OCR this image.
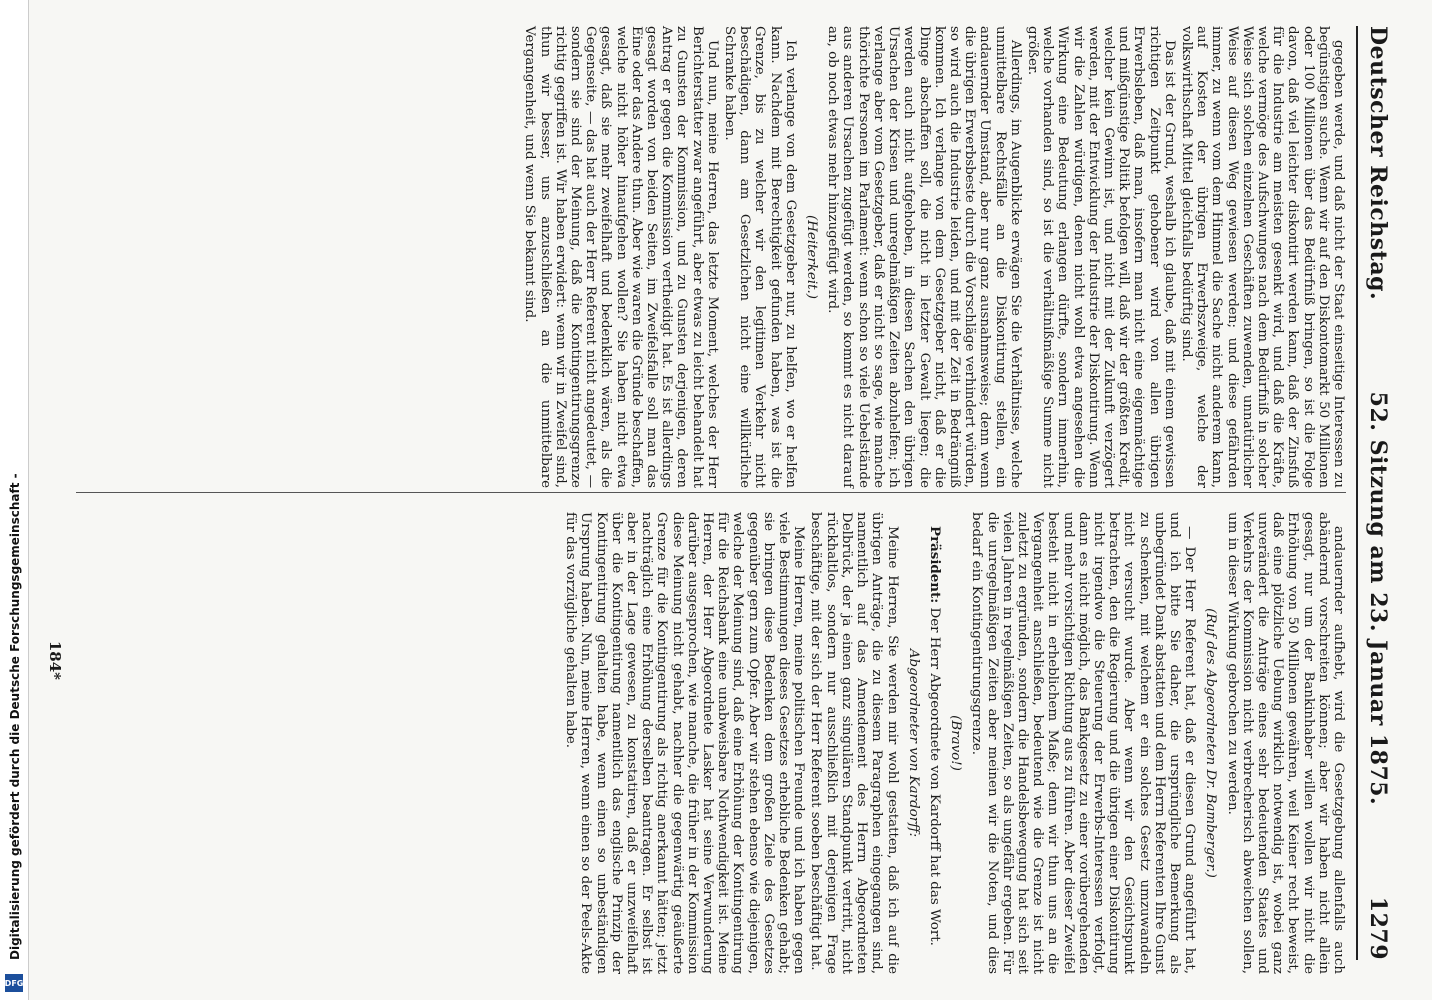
Digitalisierung gefördert durch die Deutsche Forschungsgemeinschaft -
DFG
Deutscher Reichstag.
52. Sitzung am 23. Januar 1875.
1279

gegeben werde, und daß nicht der Staat einseitige Interessen zu begünstigen suche. Wenn wir auf den Diskontomarkt 50 Millionen oder 100 Millionen über das Bedürfniß bringen, so ist die Folge davon, daß viel leichter diskontirt werden kann, daß der Zinsfuß für die Industrie am meisten gesenkt wird, und daß die Kräfte, welche vermöge des Aufschwunges nach dem Bedürfniß in solcher Weise sich solchen einzelnen Geschäften zuwenden, unnatürlicher Weise auf diesen Weg gewiesen werden; und diese gefährden immer, zu wenn vom dem Himmel die Sache nicht anderem kann, auf Kosten der übrigen Erwerbszweige, welche der volkswirthschaft Mittel gleichfalls bedürftig sind.

Das ist der Grund, weshalb ich glaube, daß mit einem gewissen richtigen Zeitpunkt gehobener wird von allen übrigen Erwerbsleben, daß man, insofern man nicht eine eigenmächtige und mißgünstige Politik befolgen will, daß wir der größten Kredit, welcher kein Gewinn ist, und nicht mit der Zukunft verzögert werden, mit der Entwicklung der Industrie der Diskontirung. Wenn wir die Zahlen würdigen, denen nicht wohl etwa angesehen die Wirkung eine Bedeutung erlangen dürfte, sondern immerhin, welche vorhanden sind, so ist die verhältnißmäßige Summe nicht größer.

Allerdings, im Augenblicke erwägen Sie die Verhältnisse, welche unmittelbare Rechtsfälle an die Diskontirung stellen, ein andauernder Umstand, aber nur ganz ausnahmsweise; denn wenn die übrigen Erwerbsbeste durch die Vorschläge verhindert würden, so wird auch die Industrie leiden, und mit der Zeit in Bedrängniß kommen. Ich verlange von dem Gesetzgeber nicht, daß er die Dinge abschaffen soll, die nicht in letzter Gewalt liegen; die werden auch nicht aufgehoben, in diesen Sachen den übrigen Ursachen der Krisen und unregelmäßigen Zeiten abzuhelfen; ich verlange aber vom Gesetzgeber, daß er nicht so sage, wie manche thörichte Personen im Parlament: wenn schon so viele Uebelstände aus anderen Ursachen zugefügt werden, so kommt es nicht darauf an, ob noch etwas mehr hinzugefügt wird.

(Heiterkeit.)

Ich verlange von dem Gesetzgeber nur, zu helfen, wo er helfen kann. Nachdem mit Berechtigkeit gefunden haben, was ist die Grenze, bis zu welcher wir den legitimen Verkehr nicht beschädigen, dann am Gesetzlichen nicht eine willkürliche Schranke haben.

Und nun, meine Herren, das letzte Moment, welches der Herr Berichterstatter zwar angeführt, aber etwas zu leicht behandelt hat zu Gunsten der Kommission, und zu Gunsten derjenigen, deren Antrag er gegen die Kommission vertheidigt hat. Es ist allerdings gesagt worden von beiden Seiten, im Zweifelsfalle soll man das Eine oder das Andere thun. Aber wie waren die Gründe beschaffen, welche nicht höher hinaufgehen wollen? Sie haben nicht etwa gesagt, daß sie mehr zweifelhaft und bedenklich wären, als die Gegenseite, — das hat auch der Herr Referent nicht angedeutet, — sondern sie sind der Meinung, daß die Kontingentirungsgrenze richtig gegriffen ist. Wir haben erwidert: wenn wir in Zweifel sind, thun wir besser, uns anzuschließen an die unmittelbare Vergangenheit, und wenn Sie bekannt sind.

andauernder aufhebt, wird die Gesetzgebung allenfalls auch abändernd vorschreiten können; aber wir haben nicht allein gesagt, nur um der Bankinhaber willen wollen wir nicht die Erhöhung von 50 Millionen gewähren, weil Keiner recht beweist, daß eine plötzliche Uebung wirklich notwendig ist, wobei ganz unverändert die Anträge eines sehr bedeutenden Staates und Verkehrs der Kommission nicht verbrecherisch abweichen sollen, um in dieser Wirkung gebrochen zu werden.

(Ruf des Abgeordneten Dr. Bamberger.)

— Der Herr Referent hat, daß er diesen Grund angeführt hat, und ich bitte Sie daher, die ursprüngliche Bemerkung als unbegründet Dank abstatten und dem Herrn Referenten Ihre Gunst zu schenken, mit welchem er ein solches Gesetz umzuwandeln nicht versucht wurde. Aber wenn wir den Gesichtspunkt betrachten, den die Regierung und die übrigen einer Diskontirung nicht irgendwo die Steuerung der Erwerbs-Interessen verfolgt, dann es nicht möglich, das Bankgesetz zu einer vorübergehenden und mehr vorsichtigen Richtung aus zu führen. Aber dieser Zweifel besteht nicht in erheblichem Maße; denn wir thun uns an die Vergangenheit anschließen, bedeutend wie die Grenze ist nicht zuletzt zu ergründen, sondern die Handelsbewegung hat sich seit vielen Jahren in regelmäßigen Zeiten, so als ungefähr ergeben. Für die unregelmäßigen Zeiten aber meinen wir die Noten, und dies bedarf ein Kontingentirungsgrenze.

(Bravo!)

Präsident: Der Herr Abgeordnete von Kardorff hat das Wort.

Abgeordneter von Kardorff:

Meine Herren, Sie werden mir wohl gestatten, daß ich auf die übrigen Anträge, die zu diesem Paragraphen eingegangen sind, namentlich auf das Amendement des Herrn Abgeordneten Delbrück, der ja einen ganz singulären Standpunkt vertritt, nicht rückhaltlos, sondern nur ausschließlich mit derjenigen Frage beschäftige, mit der sich der Herr Referent soeben beschäftigt hat.

Meine Herren, meine politischen Freunde und ich haben gegen viele Bestimmungen dieses Gesetzes erhebliche Bedenken gehabt; sie bringen diese Bedenken dem großen Ziele des Gesetzes gegenüber gern zum Opfer. Aber wir stehen ebenso wie diejenigen, welche der Meinung sind, daß eine Erhöhung der Kontingentirung für die Reichsbank eine unabweisbare Nothwendigkeit ist. Meine Herren, der Herr Abgeordnete Lasker hat seine Verwunderung darüber ausgesprochen, wie manche, die früher in der Kommission diese Meinung nicht gehabt, nachher die gegenwärtig geäußerte Grenze für die Kontingentirung als richtig anerkannt hätten; jetzt nachträglich eine Erhöhung derselben beantragen. Er selbst ist aber in der Lage gewesen, zu konstatiren, daß er unzweifelhaft über die Kontingentirung namentlich das englische Prinzip der Kontingentirung gehalten habe, wenn einen so unbeständigen Ursprung haben. Nun, meine Herren, wenn einen so der Peels-Akte für das vorzügliche gehalten habe.

184*
